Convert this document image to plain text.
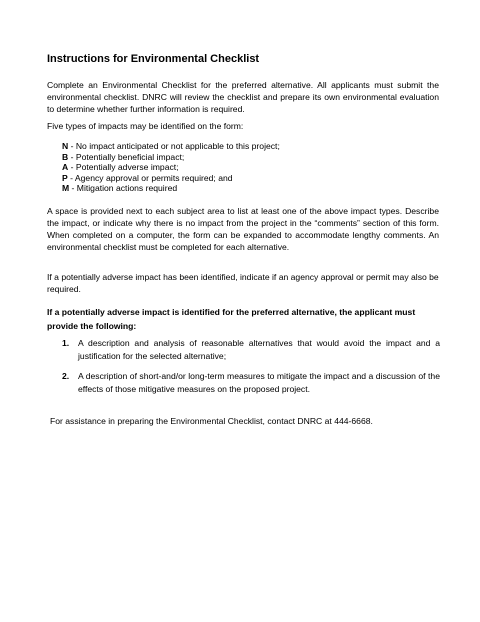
Instructions for Environmental Checklist

Complete an Environmental Checklist for the preferred alternative. All applicants must submit the environmental checklist. DNRC will review the checklist and prepare its own environmental evaluation to determine whether further information is required.

Five types of impacts may be identified on the form:

N - No impact anticipated or not applicable to this project;
B - Potentially beneficial impact;
A - Potentially adverse impact;
P - Agency approval or permits required; and
M - Mitigation actions required

A space is provided next to each subject area to list at least one of the above impact types. Describe the impact, or indicate why there is no impact from the project in the “comments” section of this form. When completed on a computer, the form can be expanded to accommodate lengthy comments. An environmental checklist must be completed for each alternative.

If a potentially adverse impact has been identified, indicate if an agency approval or permit may also be required.

If a potentially adverse impact is identified for the preferred alternative, the applicant must provide the following:

1. A description and analysis of reasonable alternatives that would avoid the impact and a justification for the selected alternative;
2. A description of short-and/or long-term measures to mitigate the impact and a discussion of the effects of those mitigative measures on the proposed project.

For assistance in preparing the Environmental Checklist, contact DNRC at 444-6668.
